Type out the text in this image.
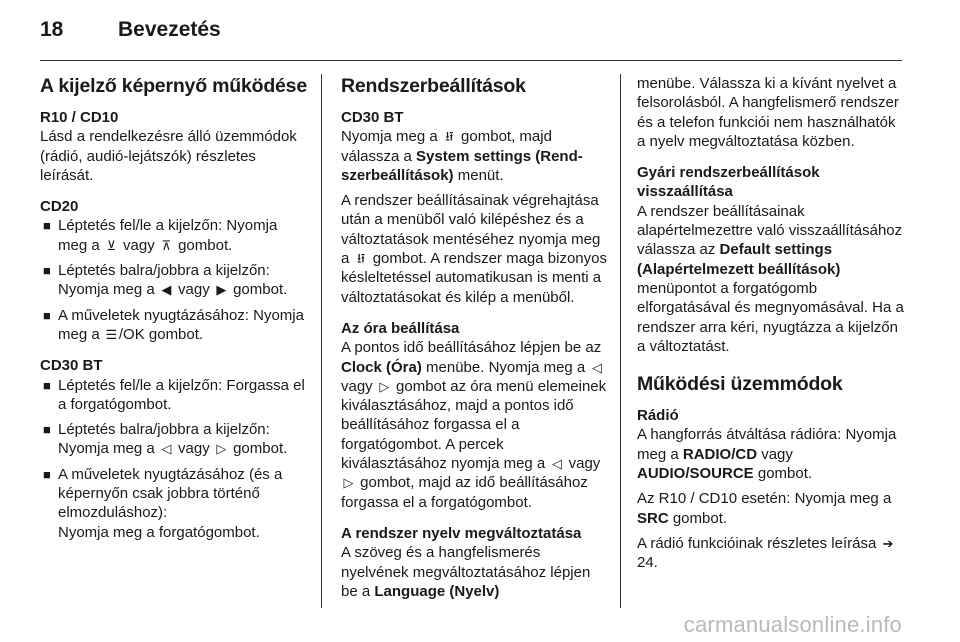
18	Bevezetés
A kijelző képernyő működése
R10 / CD10

Lásd a rendelkezésre álló üzemmódok (rádió, audió-lejátszók) részletes leírását.

CD20
■ Léptetés fel/le a kijelzőn: Nyomja meg a ⊻ vagy ⊼ gombot.
■ Léptetés balra/jobbra a kijelzőn: Nyomja meg a ◀ vagy ▶ gombot.
■ A műveletek nyugtázásához: Nyomja meg a ☰ /OK gombot.
CD30 BT
■ Léptetés fel/le a kijelzőn: Forgassa el a forgatógombot.
■ Léptetés balra/jobbra a kijelzőn: Nyomja meg a ◁ vagy ▷ gombot.
■ A műveletek nyugtázásához (és a képernyőn csak jobbra történő elmozduláshoz):
Nyomja meg a forgatógombot.
Rendszerbeállítások
CD30 BT

Nyomja meg a ⭿ gombot, majd válassza a System settings (Rend-szerbeállítások) menüt.

A rendszer beállításainak végrehajtása után a menüből való kilépéshez és a változtatások mentéséhez nyomja meg a ⭿ gombot. A rendszer maga bizonyos késleltetéssel automatikusan is menti a változtatásokat és kilép a menüből.

Az óra beállítása

A pontos idő beállításához lépjen be az Clock (Óra) menübe. Nyomja meg a ◁ vagy ▷ gombot az óra menü elemeinek kiválasztásához, majd a pontos idő beállításához forgassa el a forgatógombot. A percek kiválasztásához nyomja meg a ◁ vagy ▷ gombot, majd az idő beállításához forgassa el a forgatógombot.

A rendszer nyelv megváltoztatása

A szöveg és a hangfelismerés nyelvének megváltoztatásához lépjen be a Language (Nyelv)

menübe. Válassza ki a kívánt nyelvet a felsorolásból. A hangfelismerő rendszer és a telefon funkciói nem használhatók a nyelv megváltoztatása közben.

Gyári rendszerbeállítások visszaállítása

A rendszer beállításainak alapértelmezettre való visszaállításához válassza az Default settings (Alapértelmezett beállítások) menüpontot a forgatógomb elforgatásával és megnyomásával. Ha a rendszer arra kéri, nyugtázza a kijelzőn a változtatást.

Működési üzemmódok
Rádió

A hangforrás átváltása rádióra: Nyomja meg a RADIO/CD vagy AUDIO/SOURCE gombot.

Az R10 / CD10 esetén: Nyomja meg a SRC gombot.

A rádió funkcióinak részletes leírása ➔ 24.

carmanualsonline.info
